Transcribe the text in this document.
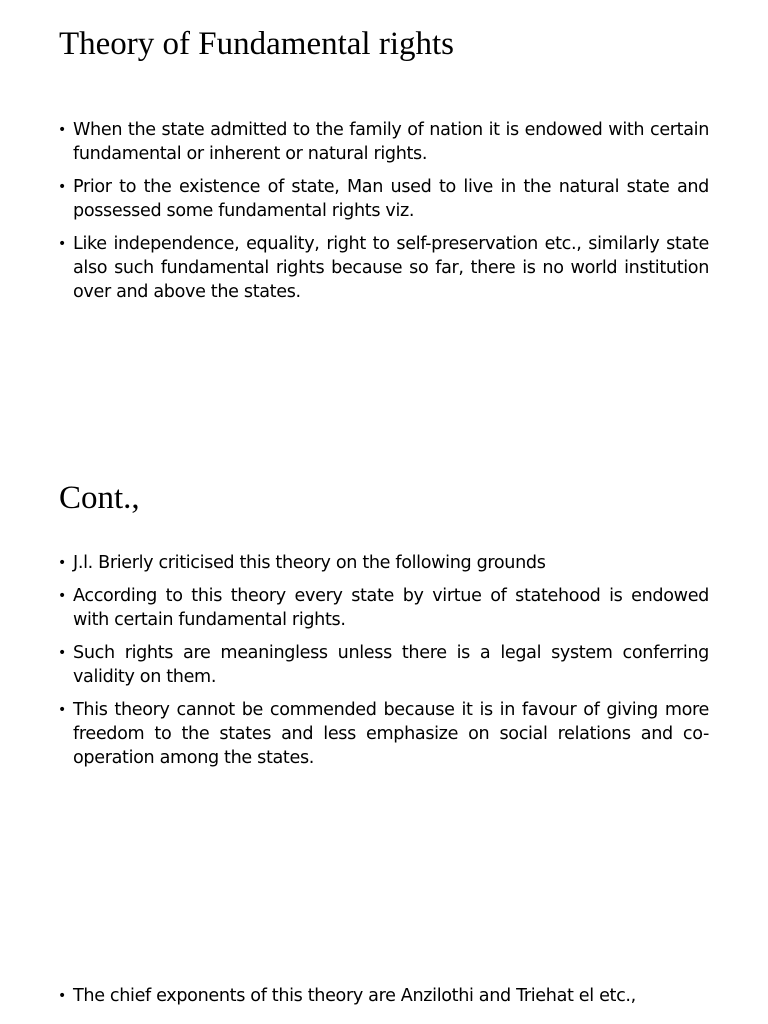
Theory of Fundamental rights
• When the state admitted to the family of nation it is endowed with certain fundamental or inherent or natural rights.
• Prior to the existence of state, Man used to live in the natural state and possessed some fundamental rights viz.
• Like independence, equality, right to self-preservation etc., similarly state also such fundamental rights because so far, there is no world institution over and above the states.
Cont.,
• J.l. Brierly criticised this theory on the following grounds
• According to this theory every state by virtue of statehood is endowed with certain fundamental rights.
• Such rights are meaningless unless there is a legal system conferring validity on them.
• This theory cannot be commended because it is in favour of giving more freedom to the states and less emphasize on social relations and co-operation among the states.
• The chief exponents of this theory are Anzilothi and Triehat el etc.,
